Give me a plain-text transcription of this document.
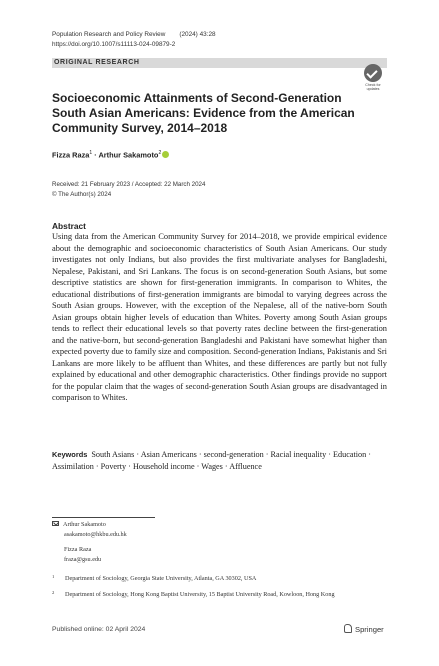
Population Research and Policy Review (2024) 43:28
https://doi.org/10.1007/s11113-024-09879-2
ORIGINAL RESEARCH
Check for
updates
Socioeconomic Attainments of Second-Generation South Asian Americans: Evidence from the American Community Survey, 2014–2018
Fizza Raza$^1$ · Arthur Sakamoto$^2$
Received: 21 February 2023 / Accepted: 22 March 2024
© The Author(s) 2024
Abstract
Using data from the American Community Survey for 2014–2018, we provide empirical evidence about the demographic and socioeconomic characteristics of South Asian Americans. Our study investigates not only Indians, but also provides the first multivariate analyses for Bangladeshi, Nepalese, Pakistani, and Sri Lankans. The focus is on second-generation South Asians, but some descriptive statistics are shown for first-generation immigrants. In comparison to Whites, the educational distributions of first-generation immigrants are bimodal to varying degrees across the South Asian groups. However, with the exception of the Nepalese, all of the native-born South Asian groups obtain higher levels of education than Whites. Poverty among South Asian groups tends to reflect their educational levels so that poverty rates decline between the first-generation and the native-born, but second-generation Bangladeshi and Pakistani have somewhat higher than expected poverty due to family size and composition. Second-generation Indians, Pakistanis and Sri Lankans are more likely to be affluent than Whites, and these differences are partly but not fully explained by educational and other demographic characteristics. Other findings provide no support for the popular claim that the wages of second-generation South Asian groups are disadvantaged in comparison to Whites.
Keywords South Asians · Asian Americans · second-generation · Racial inequality · Education · Assimilation · Poverty · Household income · Wages · Affluence
Arthur Sakamoto
asakamoto@hkbu.edu.hk
Fizza Raza
fraza@gsu.edu
1	Department of Sociology, Georgia State University, Atlanta, GA 30302, USA
2	Department of Sociology, Hong Kong Baptist University, 15 Baptist University Road, Kowloon, Hong Kong
Published online: 02 April 2024	Springer
